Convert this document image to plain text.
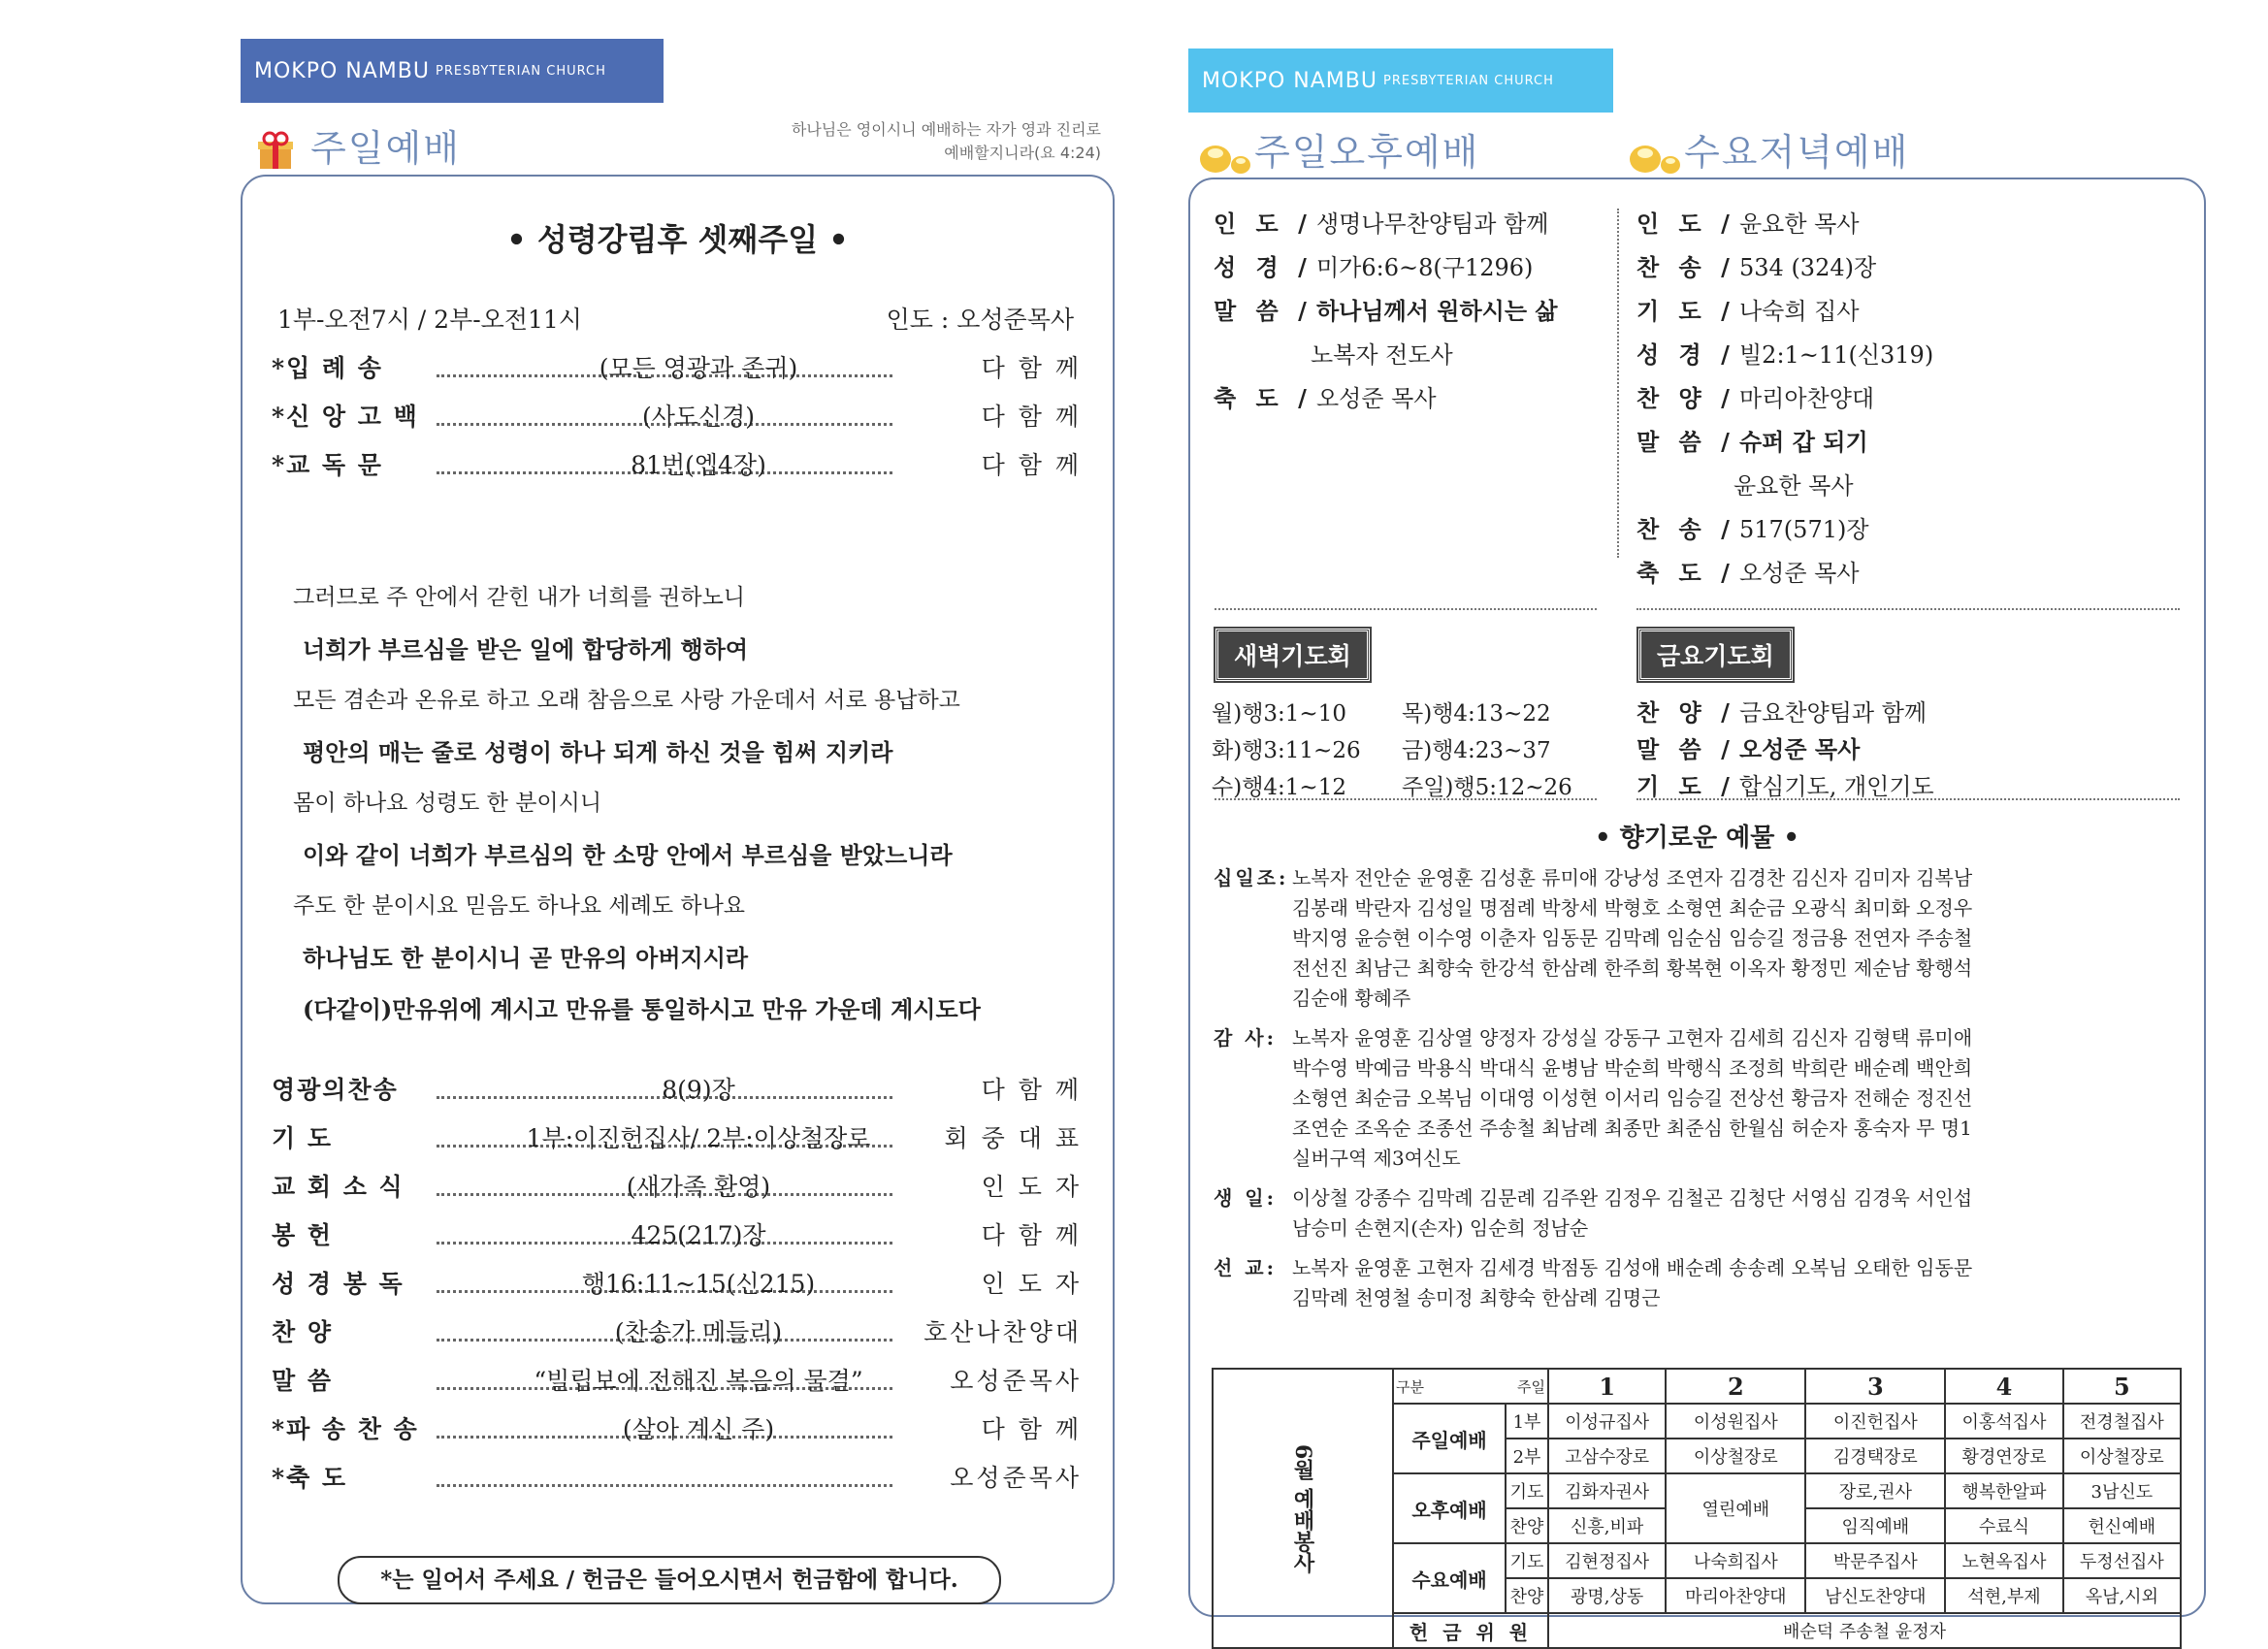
MOKPO NAMBU PRESBYTERIAN CHURCH
주일예배	하나님은 영이시니 예배하는 자가 영과 진리로
예배할지니라(요 4:24)
• 성령강림후 셋째주일 •
1부-오전7시 / 2부-오전11시	인도 : 오성준목사
*입 례 송	(모든 영광과 존귀)	다 함 께
*신 앙 고 백	(사도신경)	다 함 께
*교 독 문	81번(엡4장)	다 함 께
그러므로 주 안에서 갇힌 내가 너희를 권하노니
너희가 부르심을 받은 일에 합당하게 행하여
모든 겸손과 온유로 하고 오래 참음으로 사랑 가운데서 서로 용납하고
평안의 매는 줄로 성령이 하나 되게 하신 것을 힘써 지키라
몸이 하나요 성령도 한 분이시니
이와 같이 너희가 부르심의 한 소망 안에서 부르심을 받았느니라
주도 한 분이시요 믿음도 하나요 세례도 하나요
하나님도 한 분이시니 곧 만유의 아버지시라
(다같이)만유위에 계시고 만유를 통일하시고 만유 가운데 계시도다
영광의찬송	8(9)장	다 함 께
기 도	1부:이진헌집사/ 2부:이상철장로	회 중 대 표
교 회 소 식	(새가족 환영)	인 도 자
봉 헌	425(217)장	다 함 께
성 경 봉 독	행16:11~15(신215)	인 도 자
찬 양	(찬송가 메들리)	호산나찬양대
말 씀	“빌립보에 전해진 복음의 물결”	오성준목사
*파 송 찬 송	(살아 계신 주)	다 함 께
*축 도	오성준목사
*는 일어서 주세요 / 헌금은 들어오시면서 헌금함에 합니다.
MOKPO NAMBU PRESBYTERIAN CHURCH
주일오후예배	수요저녁예배
인 도 / 생명나무찬양팀과 함께
성 경 / 미가6:6~8(구1296)
말 씀 / 하나님께서 원하시는 삶
노복자 전도사
축 도 / 오성준 목사
인 도 / 윤요한 목사
찬 송 / 534 (324)장
기 도 / 나숙희 집사
성 경 / 빌2:1~11(신319)
찬 양 / 마리아찬양대
말 씀 / 슈퍼 갑 되기
윤요한 목사
찬 송 / 517(571)장
축 도 / 오성준 목사
새벽기도회	금요기도회
월)행3:1~10 목)행4:13~22
화)행3:11~26 금)행4:23~37
수)행4:1~12 주일)행5:12~26
찬 양 / 금요찬양팀과 함께
말 씀 / 오성준 목사
기 도 / 합심기도, 개인기도
• 향기로운 예물 •
십일조: 노복자 전안순 윤영훈 김성훈 류미애 강낭성 조연자 김경찬 김신자 김미자 김복남
김봉래 박란자 김성일 명점례 박창세 박형호 소형연 최순금 오광식 최미화 오정우
박지영 윤승현 이수영 이춘자 임동문 김막례 임순심 임승길 정금용 전연자 주송철
전선진 최남근 최향숙 한강석 한삼례 한주희 황복현 이옥자 황정민 제순남 황행석
김순애 황혜주
감 사: 노복자 윤영훈 김상열 양정자 강성실 강동구 고현자 김세희 김신자 김형택 류미애
박수영 박예금 박용식 박대식 윤병남 박순희 박행식 조정희 박희란 배순례 백안희
소형연 최순금 오복님 이대영 이성현 이서리 임승길 전상선 황금자 전해순 정진선
조연순 조옥순 조종선 주송철 최남례 최종만 최준심 한월심 허순자 홍숙자 무 명1
실버구역 제3여신도
생 일: 이상철 강종수 김막례 김문례 김주완 김정우 김철곤 김청단 서영심 김경욱 서인섭
남승미 손현지(손자) 임순희 정남순
선 교: 노복자 윤영훈 고현자 김세경 박점동 김성애 배순례 송송례 오복님 오태한 임동문
김막례 천영철 송미정 최향숙 한삼례 김명근
6월 예배봉사	구분 주일		1	2	3	4	5
	주일예배	1부	이성규집사	이성원집사	이진헌집사	이홍석집사	전경철집사
		2부	고삼수장로	이상철장로	김경택장로	황경연장로	이상철장로
	오후예배	기도	김화자권사	열린예배	장로,권사	행복한알파	3남신도
		찬양	신흥,비파		임직예배	수료식	헌신예배
	수요예배	기도	김현정집사	나숙희집사	박문주집사	노현옥집사	두정선집사
		찬양	광명,상동	마리아찬양대	남신도찬양대	석현,부제	옥남,시외
	헌 금 위 원		배순덕 주송철 윤정자				
